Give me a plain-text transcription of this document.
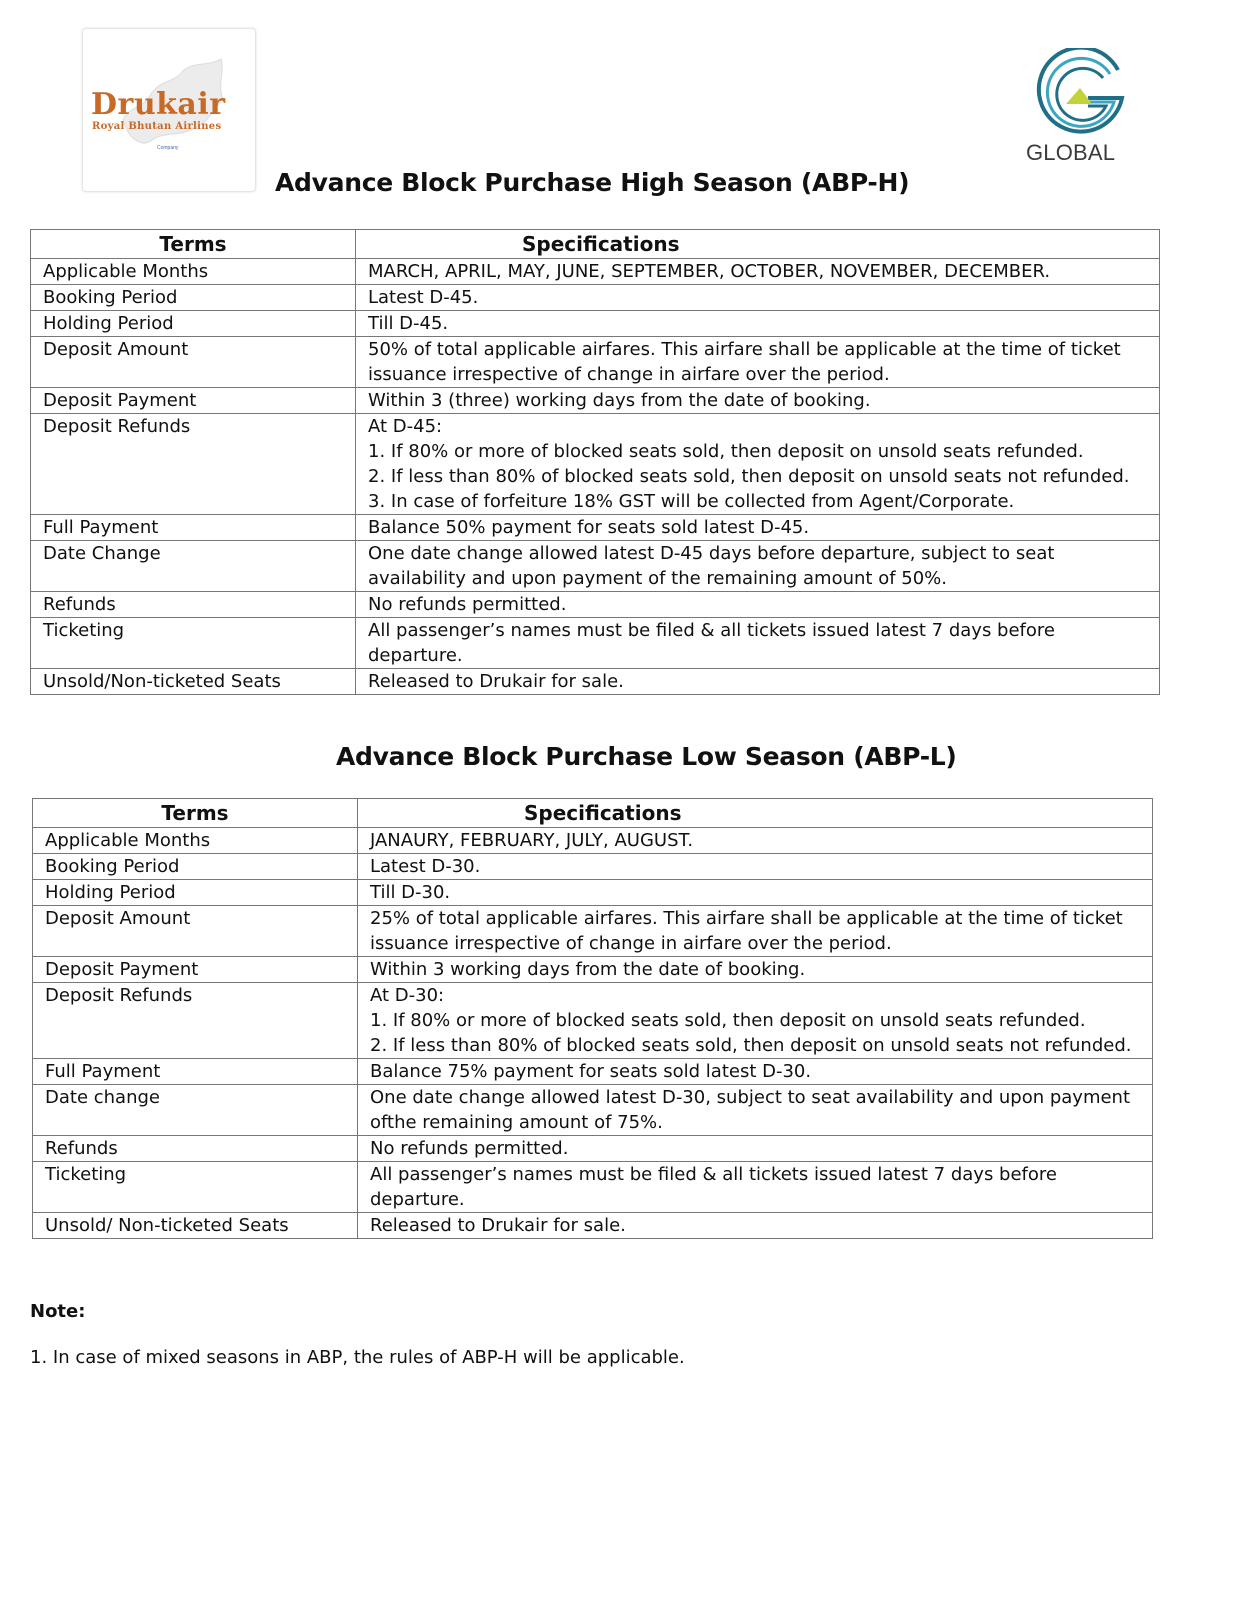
Drukair
Royal Bhutan Airlines
Company	GLOBAL
Advance Block Purchase High Season (ABP-H)
Terms	Specifications
Applicable Months	MARCH, APRIL, MAY, JUNE, SEPTEMBER, OCTOBER, NOVEMBER, DECEMBER.

Booking Period	Latest D-45.

Holding Period	Till D-45.

Deposit Amount	50% of total applicable airfares. This airfare shall be applicable at the time of ticket issuance irrespective of change in airfare over the period.

Deposit Payment	Within 3 (three) working days from the date of booking.

Deposit Refunds	At D-45:
1. If 80% or more of blocked seats sold, then deposit on unsold seats refunded.
2. If less than 80% of blocked seats sold, then deposit on unsold seats not refunded.
3. In case of forfeiture 18% GST will be collected from Agent/Corporate.

Full Payment	Balance 50% payment for seats sold latest D-45.

Date Change	One date change allowed latest D-45 days before departure, subject to seat availability and upon payment of the remaining amount of 50%.

Refunds	No refunds permitted.

Ticketing	All passenger’s names must be filed & all tickets issued latest 7 days before departure.

Unsold/Non-ticketed Seats	Released to Drukair for sale.
Advance Block Purchase Low Season (ABP-L)
Terms	Specifications
Applicable Months	JANAURY, FEBRUARY, JULY, AUGUST.

Booking Period	Latest D-30.

Holding Period	Till D-30.

Deposit Amount	25% of total applicable airfares. This airfare shall be applicable at the time of ticket issuance irrespective of change in airfare over the period.

Deposit Payment	Within 3 working days from the date of booking.

Deposit Refunds	At D-30:
1. If 80% or more of blocked seats sold, then deposit on unsold seats refunded.
2. If less than 80% of blocked seats sold, then deposit on unsold seats not refunded.

Full Payment	Balance 75% payment for seats sold latest D-30.

Date change	One date change allowed latest D-30, subject to seat availability and upon payment ofthe remaining amount of 75%.

Refunds	No refunds permitted.

Ticketing	All passenger’s names must be filed & all tickets issued latest 7 days before departure.

Unsold/ Non-ticketed Seats	Released to Drukair for sale.

Note:

1. In case of mixed seasons in ABP, the rules of ABP-H will be applicable.
